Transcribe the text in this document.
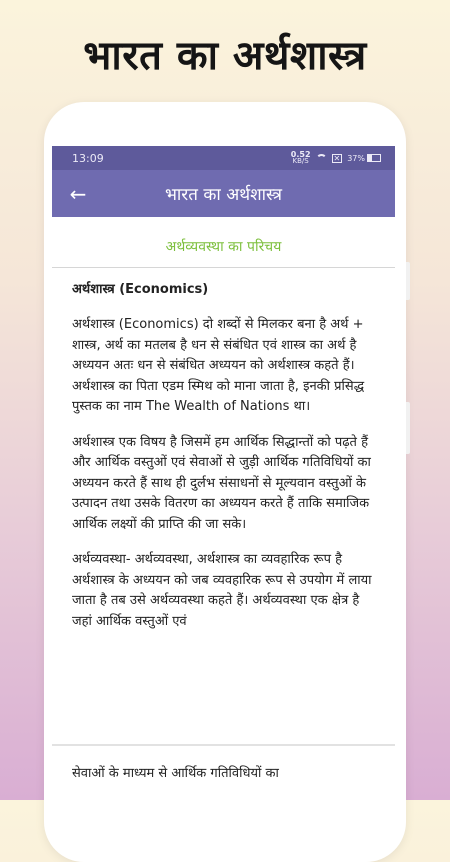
भारत का अर्थशास्त्र
13:09	0.52
KB/S	✕ 37%
←	भारत का अर्थशास्त्र
अर्थव्यवस्था का परिचय
अर्थशास्त्र (Economics)

अर्थशास्त्र (Economics) दो शब्दों से मिलकर बना है अर्थ + शास्त्र, अर्थ का मतलब है धन से संबंधित एवं शास्त्र का अर्थ है अध्ययन अतः धन से संबंधित अध्ययन को अर्थशास्त्र कहते हैं। अर्थशास्त्र का पिता एडम स्मिथ को माना जाता है, इनकी प्रसिद्ध पुस्तक का नाम The Wealth of Nations था।

अर्थशास्त्र एक विषय है जिसमें हम आर्थिक सिद्धान्तों को पढ़ते हैं और आर्थिक वस्तुओं एवं सेवाओं से जुड़ी आर्थिक गतिविधियों का अध्ययन करते हैं साथ ही दुर्लभ संसाधनों से मूल्यवान वस्तुओं के उत्पादन तथा उसके वितरण का अध्ययन करते हैं ताकि समाजिक आर्थिक लक्ष्यों की प्राप्ति की जा सके।

अर्थव्यवस्था- अर्थव्यवस्था, अर्थशास्त्र का व्यवहारिक रूप है अर्थशास्त्र के अध्ययन को जब व्यवहारिक रूप से उपयोग में लाया जाता है तब उसे अर्थव्यवस्था कहते हैं। अर्थव्यवस्था एक क्षेत्र है जहां आर्थिक वस्तुओं एवं

सेवाओं के माध्यम से आर्थिक गतिविधियों का
